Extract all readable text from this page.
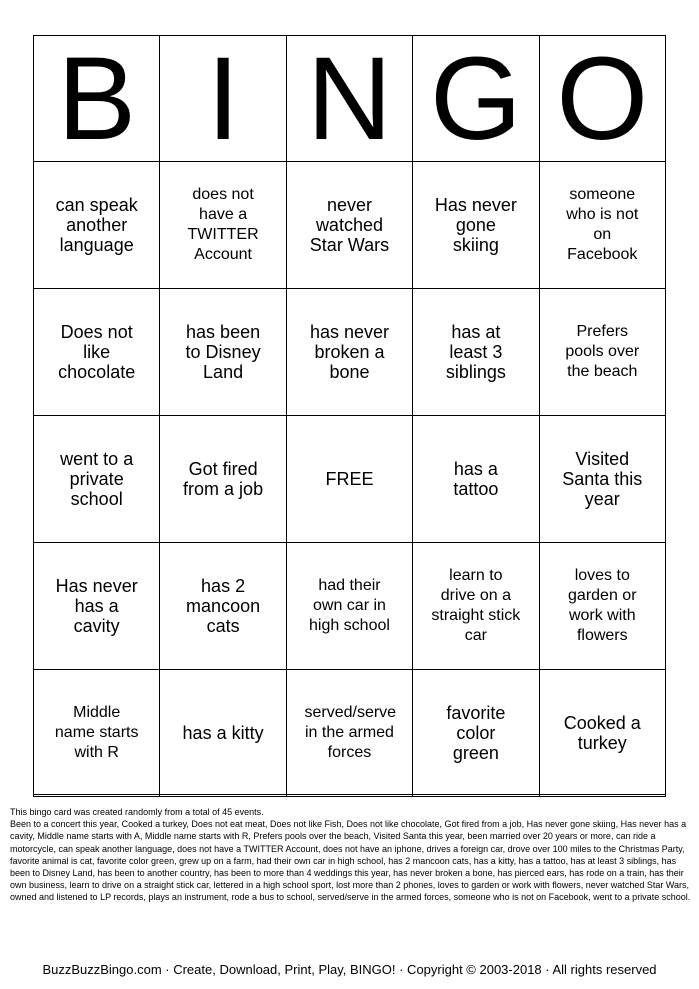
B	I	N	G	O

can speak another language	does not have a TWITTER Account	never watched Star Wars	Has never gone skiing	someone who is not on Facebook

Does not like chocolate	has been to Disney Land	has never broken a bone	has at least 3 siblings	Prefers pools over the beach

went to a private school	Got fired from a job	FREE	has a tattoo	Visited Santa this year

Has never has a cavity	has 2 mancoon cats	had their own car in high school	learn to drive on a straight stick car	loves to garden or work with flowers

Middle name starts with R	has a kitty	served/serve in the armed forces	favorite color green	Cooked a turkey
This bingo card was created randomly from a total of 45 events.
Been to a concert this year, Cooked a turkey, Does not eat meat, Does not like Fish, Does not like chocolate, Got fired from a job, Has never gone skiing, Has never has a cavity, Middle name starts with A, Middle name starts with R, Prefers pools over the beach, Visited Santa this year, been married over 20 years or more, can ride a motorcycle, can speak another language, does not have a TWITTER Account, does not have an iphone, drives a foreign car, drove over 100 miles to the Christmas Party, favorite animal is cat, favorite color green, grew up on a farm, had their own car in high school, has 2 mancoon cats, has a kitty, has a tattoo, has at least 3 siblings, has been to Disney Land, has been to another country, has been to more than 4 weddings this year, has never broken a bone, has pierced ears, has rode on a train, has their own business, learn to drive on a straight stick car, lettered in a high school sport, lost more than 2 phones, loves to garden or work with flowers, never watched Star Wars, owned and listened to LP records, plays an instrument, rode a bus to school, served/serve in the armed forces, someone who is not on Facebook, went to a private school.
BuzzBuzzBingo.com · Create, Download, Print, Play, BINGO! · Copyright © 2003-2018 · All rights reserved
